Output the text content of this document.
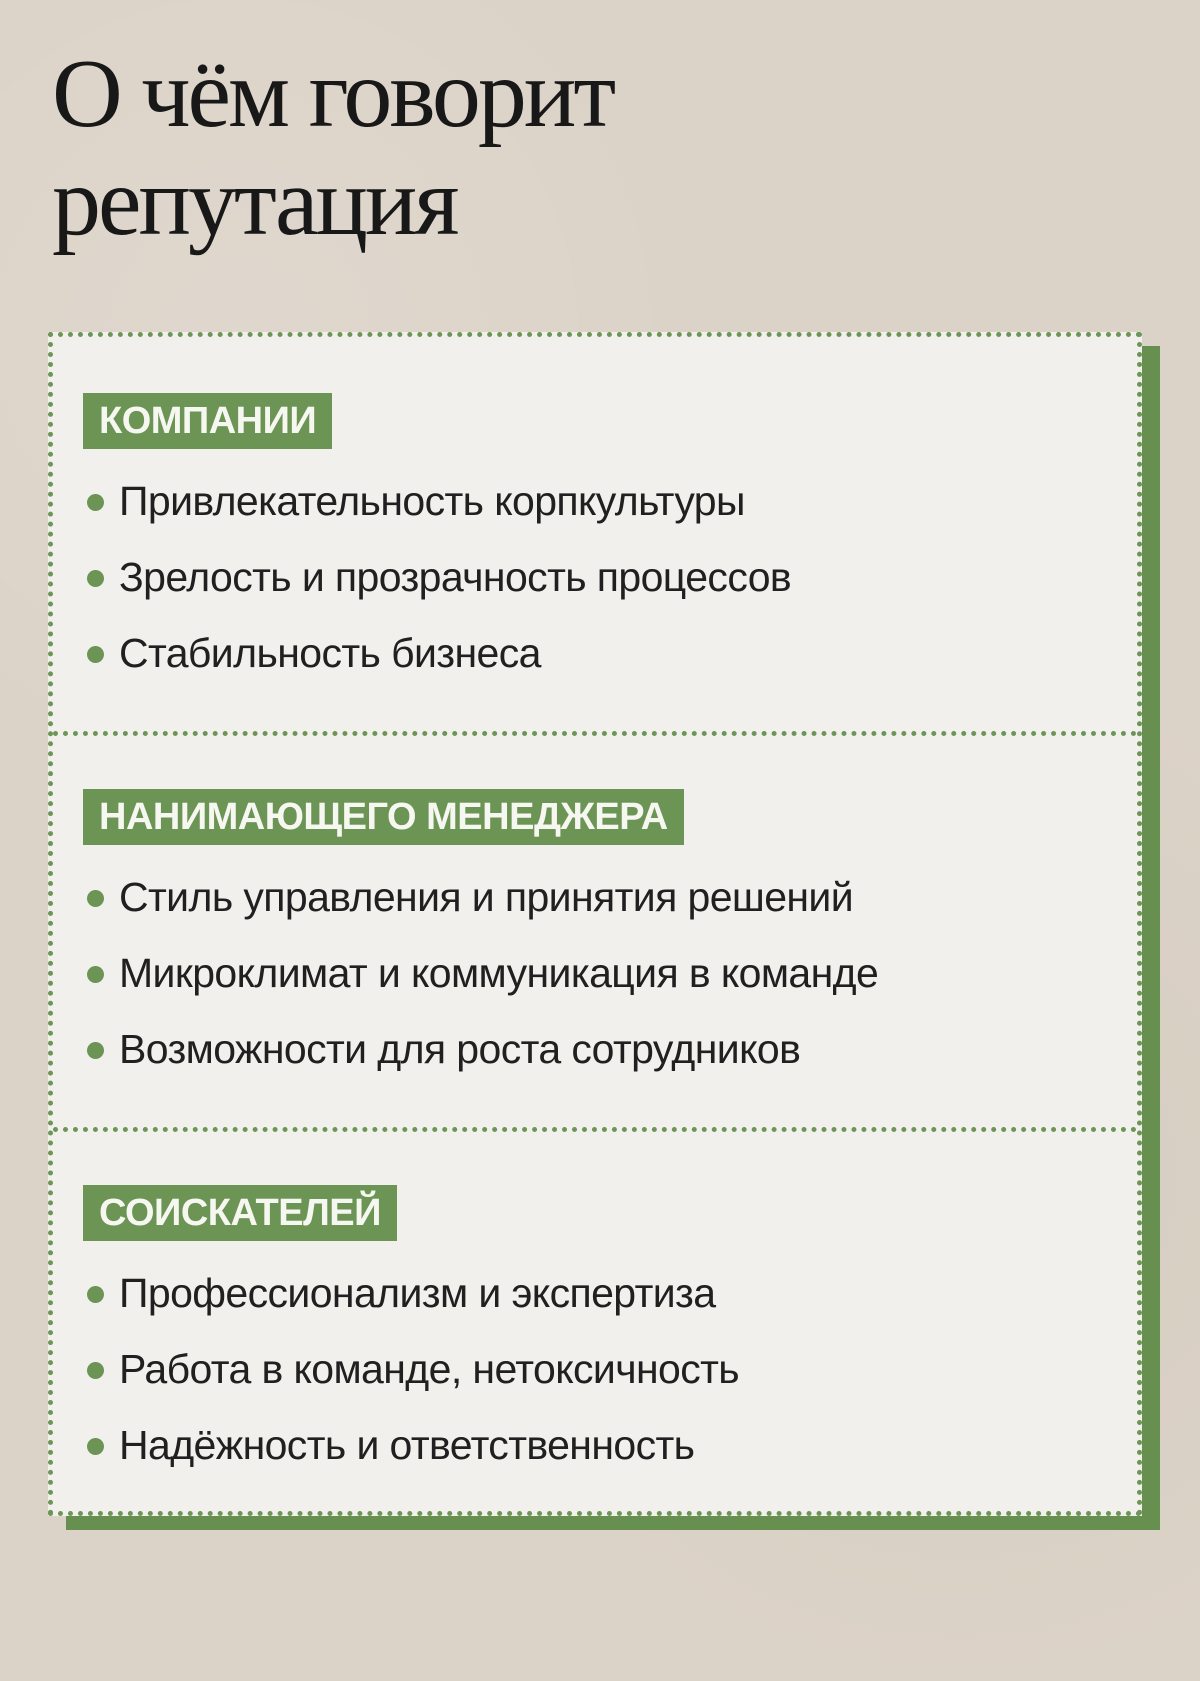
О чём говорит
репутация
КОМПАНИИ
Привлекательность корпкультуры
Зрелость и прозрачность процессов
Стабильность бизнеса
НАНИМАЮЩЕГО МЕНЕДЖЕРА
Стиль управления и принятия решений
Микроклимат и коммуникация в команде
Возможности для роста сотрудников
СОИСКАТЕЛЕЙ
Профессионализм и экспертиза
Работа в команде, нетоксичность
Надёжность и ответственность
